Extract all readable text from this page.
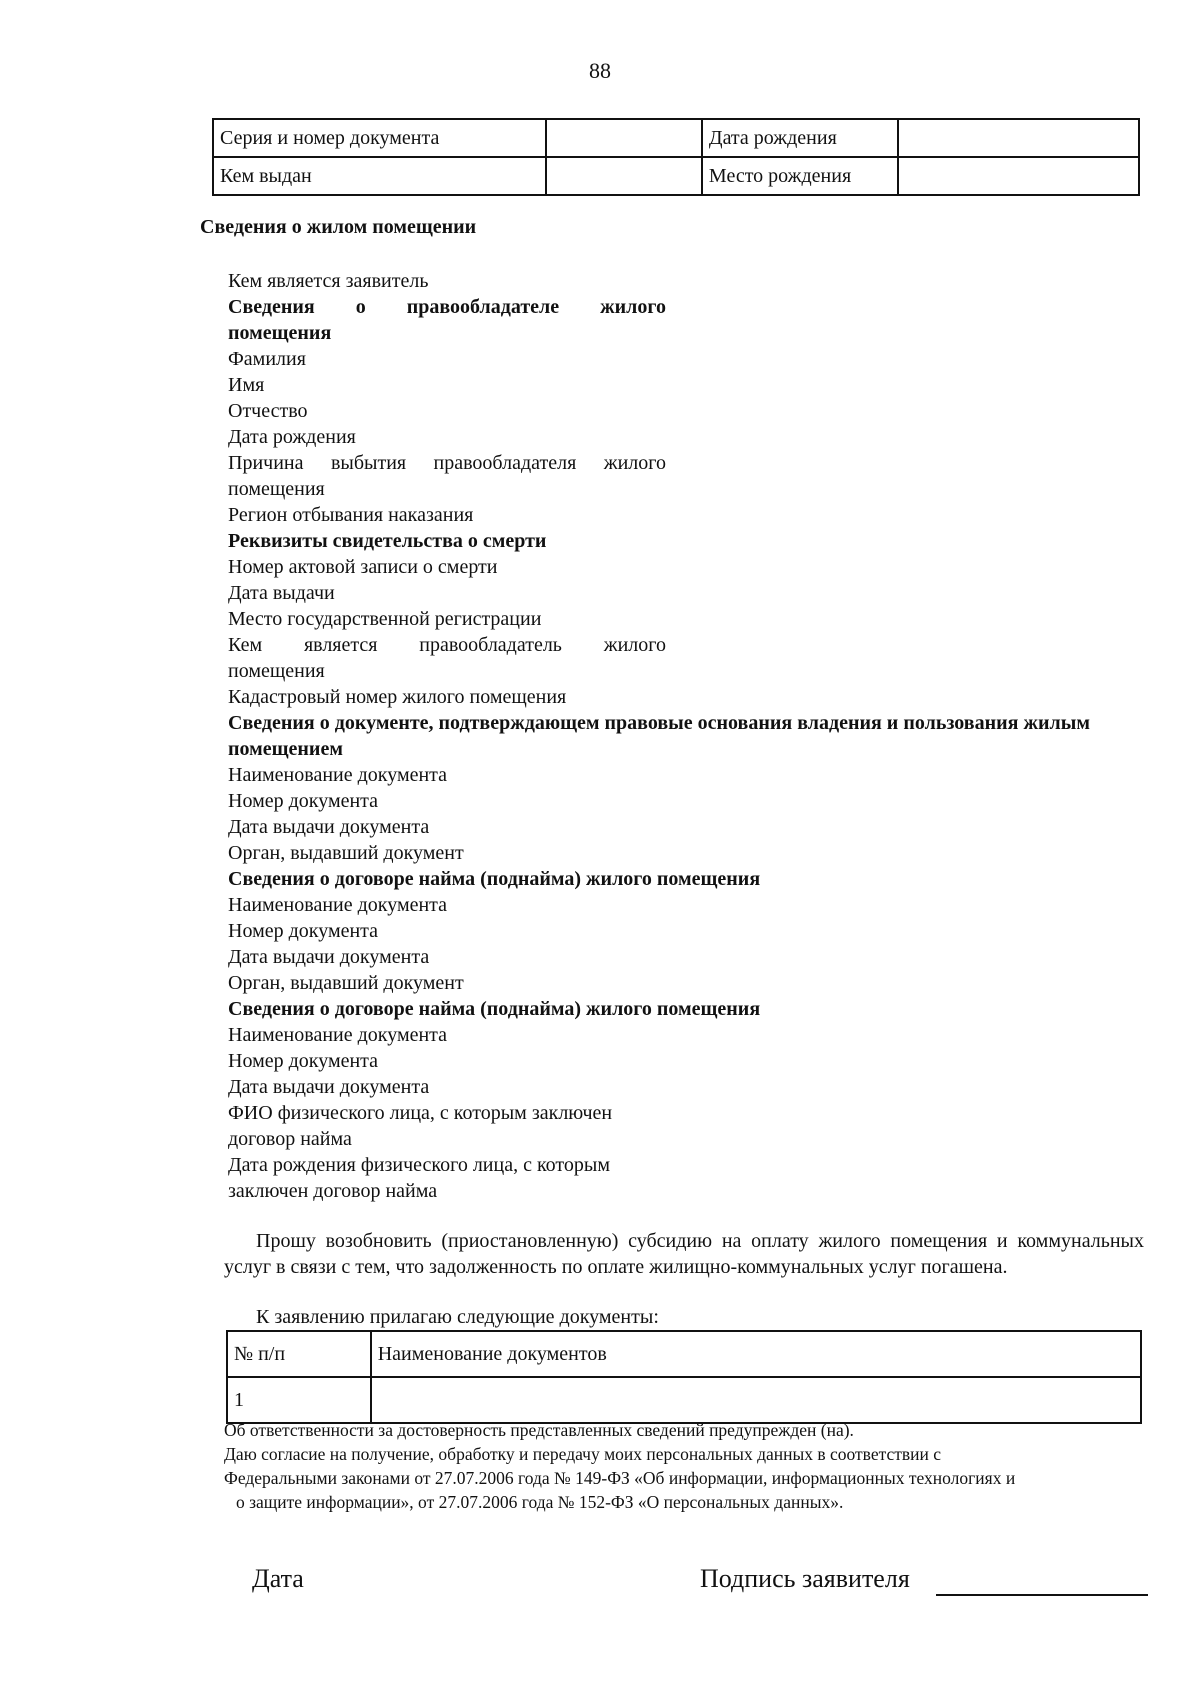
88
Серия и номер документа		Дата рождения	
Кем выдан		Место рождения	
Сведения о жилом помещении
Кем является заявитель
Сведения о правообладателе жилого
помещения
Фамилия
Имя
Отчество
Дата рождения
Причина выбытия правообладателя жилого
помещения
Регион отбывания наказания
Реквизиты свидетельства о смерти
Номер актовой записи о смерти
Дата выдачи
Место государственной регистрации
Кем является правообладатель жилого
помещения
Кадастровый номер жилого помещения
Сведения о документе, подтверждающем правовые основания владения и пользования жилым помещением
Наименование документа
Номер документа
Дата выдачи документа
Орган, выдавший документ
Сведения о договоре найма (поднайма) жилого помещения
Наименование документа
Номер документа
Дата выдачи документа
Орган, выдавший документ
Сведения о договоре найма (поднайма) жилого помещения
Наименование документа
Номер документа
Дата выдачи документа
ФИО физического лица, с которым заключен
договор найма
Дата рождения физического лица, с которым
заключен договор найма
Прошу возобновить (приостановленную) субсидию на оплату жилого помещения и коммунальных услуг в связи с тем, что задолженность по оплате жилищно-коммунальных услуг погашена.
К заявлению прилагаю следующие документы:
№ п/п	Наименование документов
1	
Об ответственности за достоверность представленных сведений предупрежден (на).
Даю согласие на получение, обработку и передачу моих персональных данных в соответствии с
Федеральными законами от 27.07.2006 года № 149-ФЗ «Об информации, информационных технологиях и
о защите информации», от 27.07.2006 года № 152-ФЗ «О персональных данных».
Дата	Подпись заявителя
